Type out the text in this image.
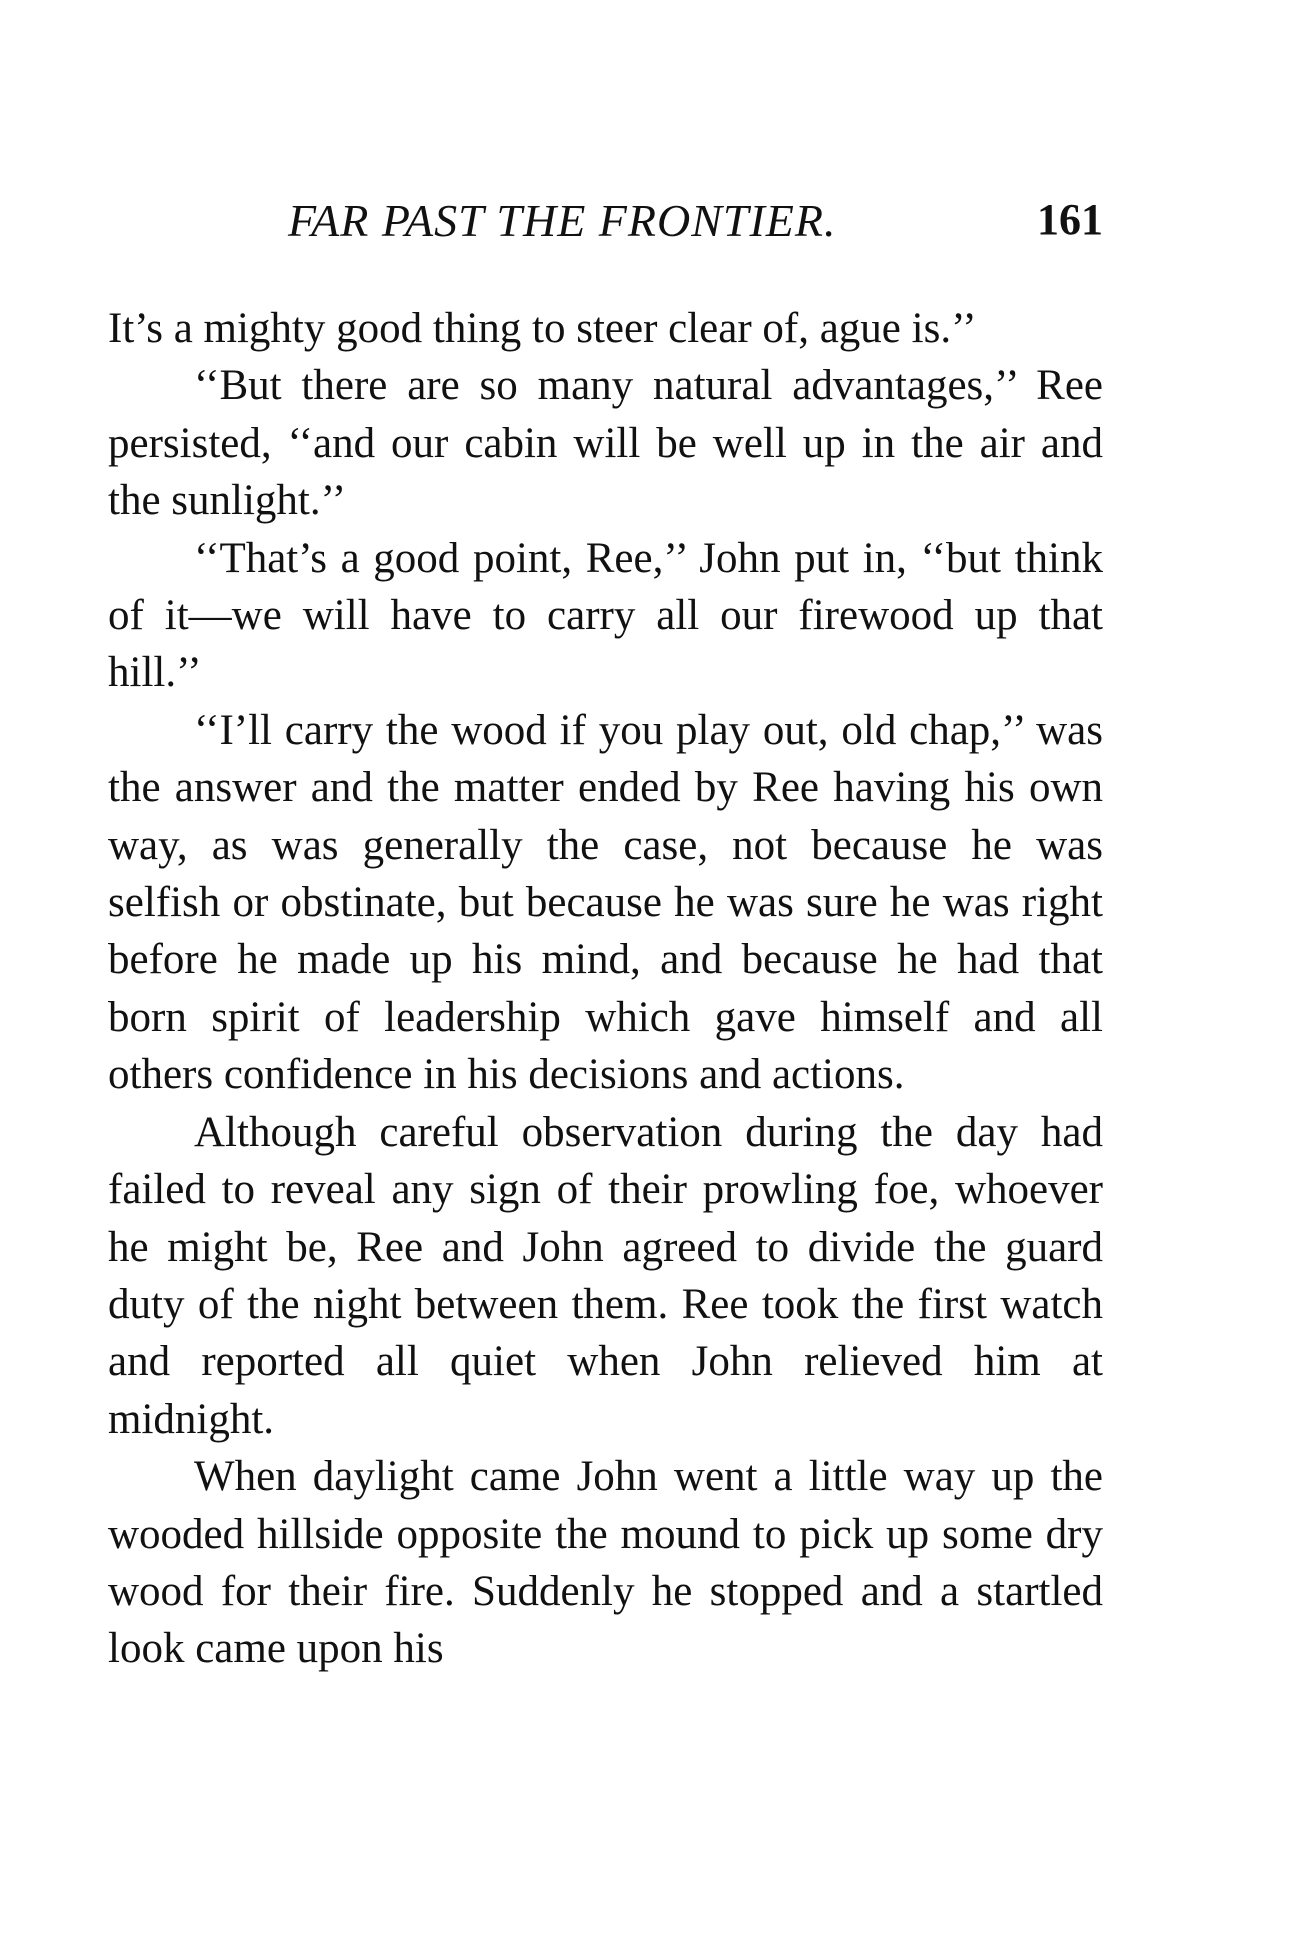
FAR PAST THE FRONTIER.	161

It’s a mighty good thing to steer clear of, ague is.’’

‘‘But there are so many natural advantages,’’ Ree persisted, ‘‘and our cabin will be well up in the air and the sunlight.’’

‘‘That’s a good point, Ree,’’ John put in, ‘‘but think of it—we will have to carry all our firewood up that hill.’’

‘‘I’ll carry the wood if you play out, old chap,’’ was the answer and the matter ended by Ree having his own way, as was generally the case, not because he was selfish or obstinate, but because he was sure he was right before he made up his mind, and because he had that born spirit of leadership which gave himself and all others confidence in his decisions and actions.

Although careful observation during the day had failed to reveal any sign of their prowling foe, whoever he might be, Ree and John agreed to divide the guard duty of the night between them. Ree took the first watch and reported all quiet when John relieved him at midnight.

When daylight came John went a little way up the wooded hillside opposite the mound to pick up some dry wood for their fire. Suddenly he stopped and a startled look came upon his
